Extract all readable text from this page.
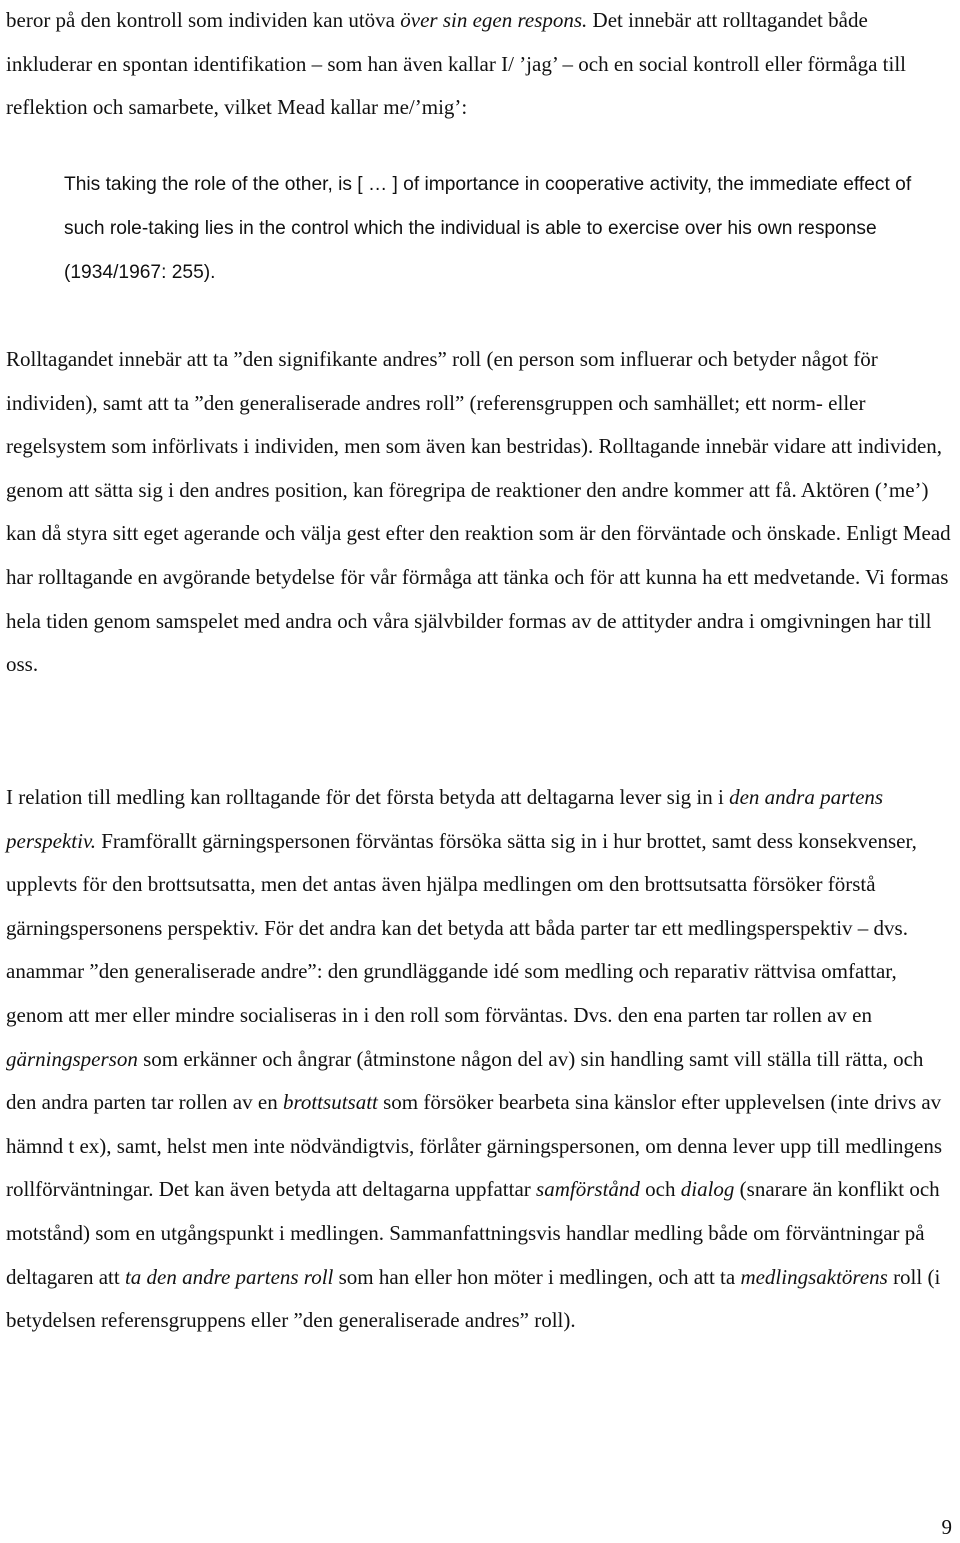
beror på den kontroll som individen kan utöva över sin egen respons. Det innebär att rolltagandet både inkluderar en spontan identifikation – som han även kallar I/ ’jag’ – och en social kontroll eller förmåga till reflektion och samarbete, vilket Mead kallar me/’mig’:

This taking the role of the other, is [ … ] of importance in cooperative activity, the immediate effect of such role-taking lies in the control which the individual is able to exercise over his own response (1934/1967: 255).

Rolltagandet innebär att ta ”den signifikante andres” roll (en person som influerar och betyder något för individen), samt att ta ”den generaliserade andres roll” (referensgruppen och samhället; ett norm- eller regelsystem som införlivats i individen, men som även kan bestridas). Rolltagande innebär vidare att individen, genom att sätta sig i den andres position, kan föregripa de reaktioner den andre kommer att få. Aktören (’me’) kan då styra sitt eget agerande och välja gest efter den reaktion som är den förväntade och önskade. Enligt Mead har rolltagande en avgörande betydelse för vår förmåga att tänka och för att kunna ha ett medvetande. Vi formas hela tiden genom samspelet med andra och våra självbilder formas av de attityder andra i omgivningen har till oss.

I relation till medling kan rolltagande för det första betyda att deltagarna lever sig in i den andra partens perspektiv. Framförallt gärningspersonen förväntas försöka sätta sig in i hur brottet, samt dess konsekvenser, upplevts för den brottsutsatta, men det antas även hjälpa medlingen om den brottsutsatta försöker förstå gärningspersonens perspektiv. För det andra kan det betyda att båda parter tar ett medlingsperspektiv – dvs. anammar ”den generaliserade andre”: den grundläggande idé som medling och reparativ rättvisa omfattar, genom att mer eller mindre socialiseras in i den roll som förväntas. Dvs. den ena parten tar rollen av en gärningsperson som erkänner och ångrar (åtminstone någon del av) sin handling samt vill ställa till rätta, och den andra parten tar rollen av en brottsutsatt som försöker bearbeta sina känslor efter upplevelsen (inte drivs av hämnd t ex), samt, helst men inte nödvändigtvis, förlåter gärningspersonen, om denna lever upp till medlingens rollförväntningar. Det kan även betyda att deltagarna uppfattar samförstånd och dialog (snarare än konflikt och motstånd) som en utgångspunkt i medlingen. Sammanfattningsvis handlar medling både om förväntningar på deltagaren att ta den andre partens roll som han eller hon möter i medlingen, och att ta medlingsaktörens roll (i betydelsen referensgruppens eller ”den generaliserade andres” roll).

9
